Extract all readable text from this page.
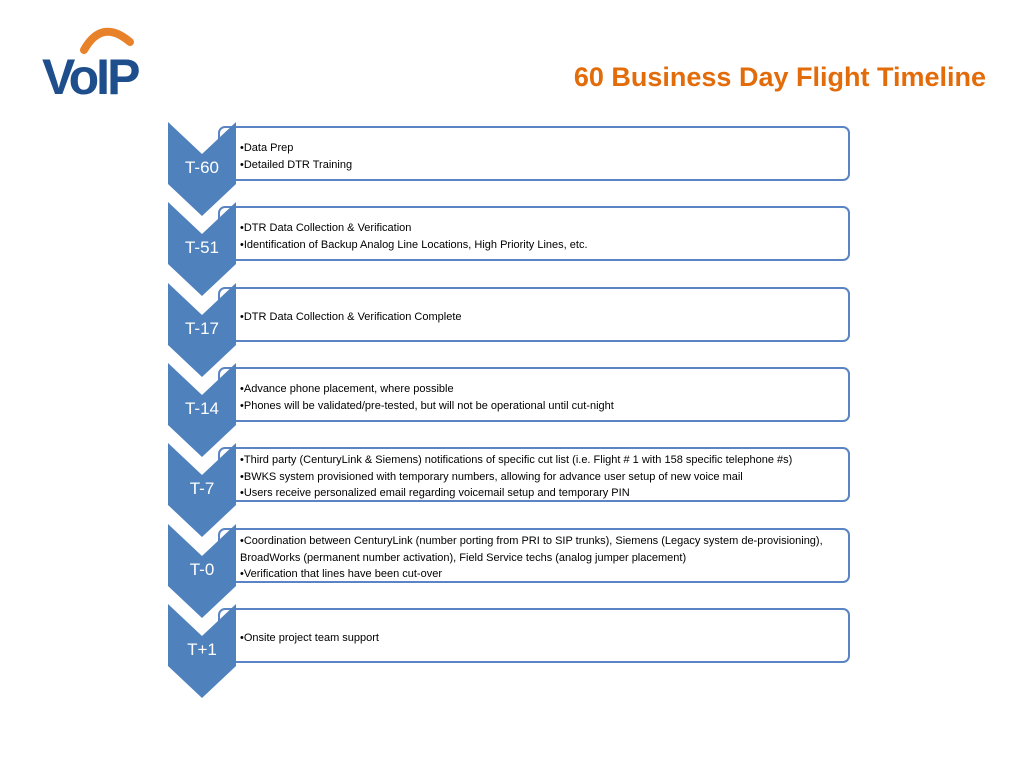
VoIP	60 Business Day Flight Timeline
T-60
• Data Prep
• Detailed DTR Training
T-51
• DTR Data Collection & Verification
• Identification of Backup Analog Line Locations, High Priority Lines, etc.
T-17
• DTR Data Collection & Verification Complete
T-14
• Advance phone placement, where possible
• Phones will be validated/pre-tested, but will not be operational until cut-night
T-7
• Third party (CenturyLink & Siemens) notifications of specific cut list (i.e. Flight # 1 with 158 specific telephone #s)
• BWKS system provisioned with temporary numbers, allowing for advance user setup of new voice mail
• Users receive personalized email regarding voicemail setup and temporary PIN
T-0
• Coordination between CenturyLink (number porting from PRI to SIP trunks), Siemens (Legacy system de-provisioning), BroadWorks (permanent number activation), Field Service techs (analog jumper placement)
• Verification that lines have been cut-over
T+1
• Onsite project team support
